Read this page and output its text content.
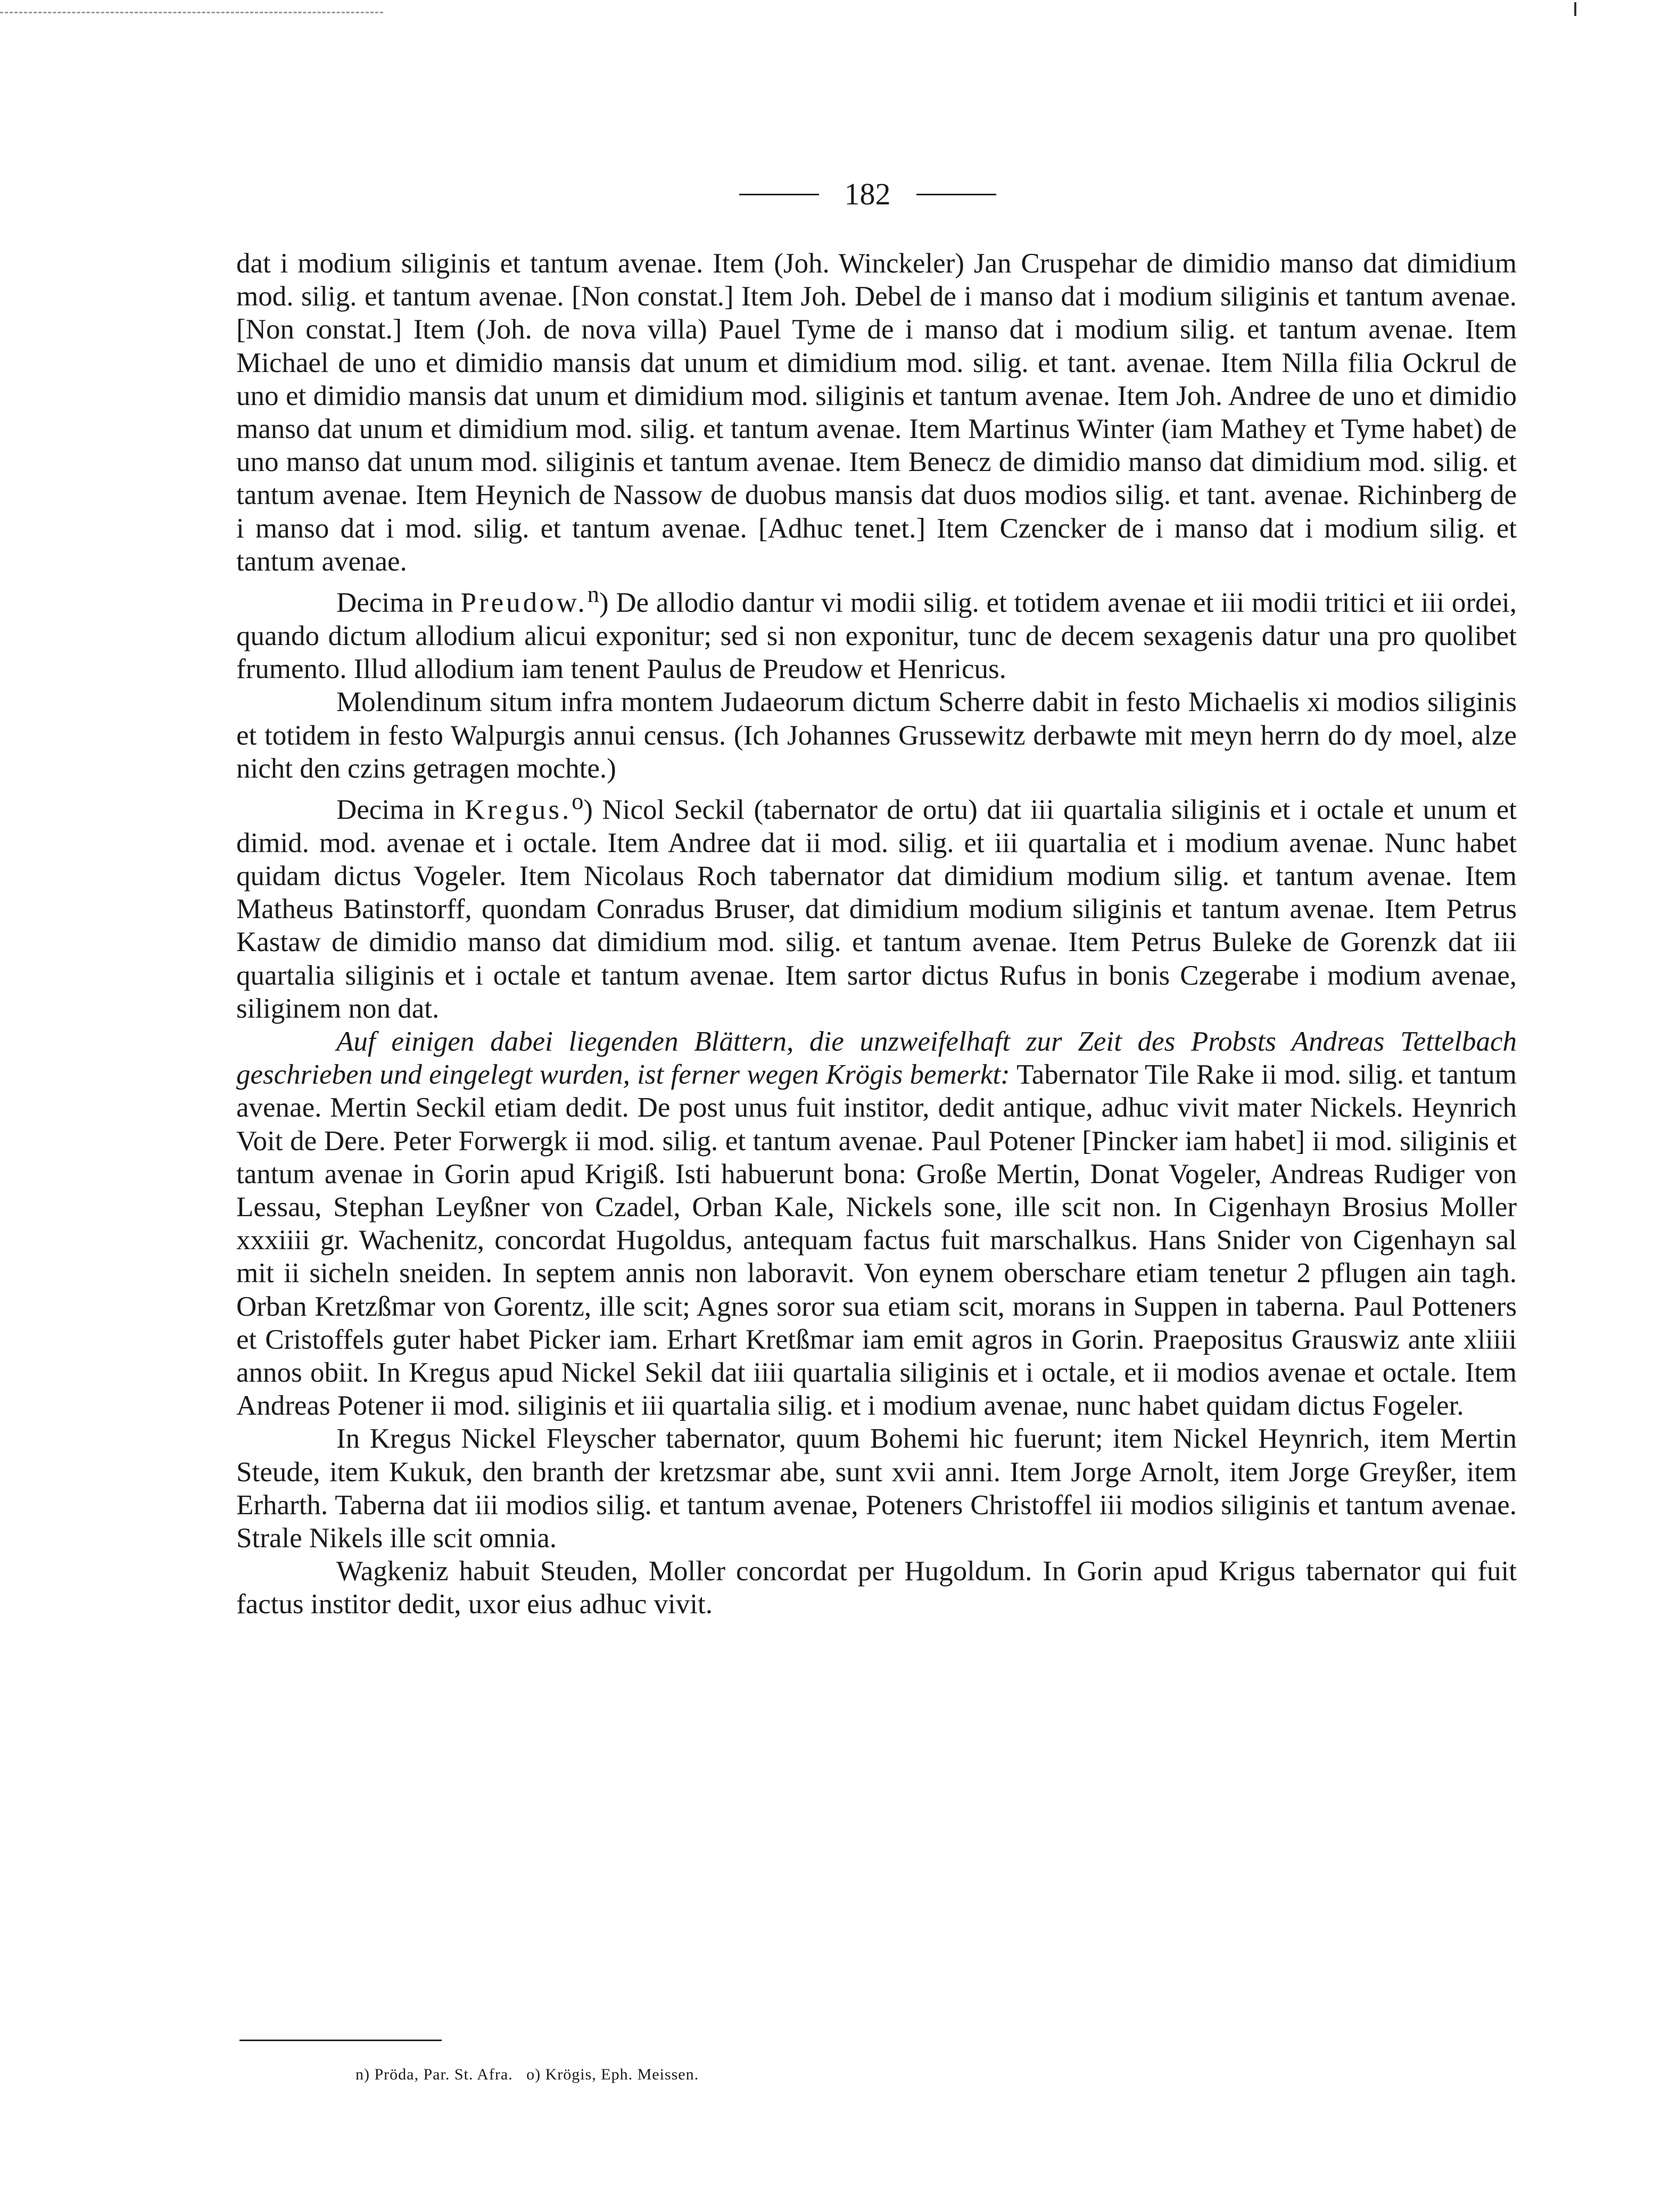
182

dat i modium siliginis et tantum avenae. Item (Joh. Winckeler) Jan Cruspehar de dimidio manso dat dimidium mod. silig. et tantum avenae. [Non constat.] Item Joh. Debel de i manso dat i modium siliginis et tantum avenae. [Non constat.] Item (Joh. de nova villa) Pauel Tyme de i manso dat i modium silig. et tantum avenae. Item Michael de uno et dimidio mansis dat unum et dimidium mod. silig. et tant. avenae. Item Nilla filia Ockrul de uno et dimidio mansis dat unum et dimidium mod. siliginis et tantum avenae. Item Joh. Andree de uno et dimidio manso dat unum et dimidium mod. silig. et tantum avenae. Item Martinus Winter (iam Mathey et Tyme habet) de uno manso dat unum mod. siliginis et tantum avenae. Item Benecz de dimidio manso dat dimidium mod. silig. et tantum avenae. Item Heynich de Nassow de duobus mansis dat duos modios silig. et tant. avenae. Richinberg de i manso dat i mod. silig. et tantum avenae. [Adhuc tenet.] Item Czencker de i manso dat i modium silig. et tantum avenae.

Decima in Preudow.$^n$) De allodio dantur vi modii silig. et totidem avenae et iii modii tritici et iii ordei, quando dictum allodium alicui exponitur; sed si non exponitur, tunc de decem sexagenis datur una pro quolibet frumento. Illud allodium iam tenent Paulus de Preudow et Henricus.

Molendinum situm infra montem Judaeorum dictum Scherre dabit in festo Michaelis xi modios siliginis et totidem in festo Walpurgis annui census. (Ich Johannes Grussewitz derbawte mit meyn herrn do dy moel, alze nicht den czins getragen mochte.)

Decima in Kregus.$^o$) Nicol Seckil (tabernator de ortu) dat iii quartalia siliginis et i octale et unum et dimid. mod. avenae et i octale. Item Andree dat ii mod. silig. et iii quartalia et i modium avenae. Nunc habet quidam dictus Vogeler. Item Nicolaus Roch tabernator dat dimidium modium silig. et tantum avenae. Item Matheus Batinstorff, quondam Conradus Bruser, dat dimidium modium siliginis et tantum avenae. Item Petrus Kastaw de dimidio manso dat dimidium mod. silig. et tantum avenae. Item Petrus Buleke de Gorenzk dat iii quartalia siliginis et i octale et tantum avenae. Item sartor dictus Rufus in bonis Czegerabe i modium avenae, siliginem non dat.

Auf einigen dabei liegenden Blättern, die unzweifelhaft zur Zeit des Probsts Andreas Tettelbach geschrieben und eingelegt wurden, ist ferner wegen Krögis bemerkt: Tabernator Tile Rake ii mod. silig. et tantum avenae. Mertin Seckil etiam dedit. De post unus fuit institor, dedit antique, adhuc vivit mater Nickels. Heynrich Voit de Dere. Peter Forwergk ii mod. silig. et tantum avenae. Paul Potener [Pincker iam habet] ii mod. siliginis et tantum avenae in Gorin apud Krigiß. Isti habuerunt bona: Große Mertin, Donat Vogeler, Andreas Rudiger von Lessau, Stephan Leyßner von Czadel, Orban Kale, Nickels sone, ille scit non. In Cigenhayn Brosius Moller xxxiiii gr. Wachenitz, concordat Hugoldus, antequam factus fuit marschalkus. Hans Snider von Cigenhayn sal mit ii sicheln sneiden. In septem annis non laboravit. Von eynem oberschare etiam tenetur 2 pflugen ain tagh. Orban Kretzßmar von Gorentz, ille scit; Agnes soror sua etiam scit, morans in Suppen in taberna. Paul Potteners et Cristoffels guter habet Picker iam. Erhart Kretßmar iam emit agros in Gorin. Praepositus Grauswiz ante xliiii annos obiit. In Kregus apud Nickel Sekil dat iiii quartalia siliginis et i octale, et ii modios avenae et octale. Item Andreas Potener ii mod. siliginis et iii quartalia silig. et i modium avenae, nunc habet quidam dictus Fogeler.

In Kregus Nickel Fleyscher tabernator, quum Bohemi hic fuerunt; item Nickel Heynrich, item Mertin Steude, item Kukuk, den branth der kretzsmar abe, sunt xvii anni. Item Jorge Arnolt, item Jorge Greyßer, item Erharth. Taberna dat iii modios silig. et tantum avenae, Poteners Christoffel iii modios siliginis et tantum avenae. Strale Nikels ille scit omnia.

Wagkeniz habuit Steuden, Moller concordat per Hugoldum. In Gorin apud Krigus tabernator qui fuit factus institor dedit, uxor eius adhuc vivit.

n) Pröda, Par. St. Afra. o) Krögis, Eph. Meissen.
